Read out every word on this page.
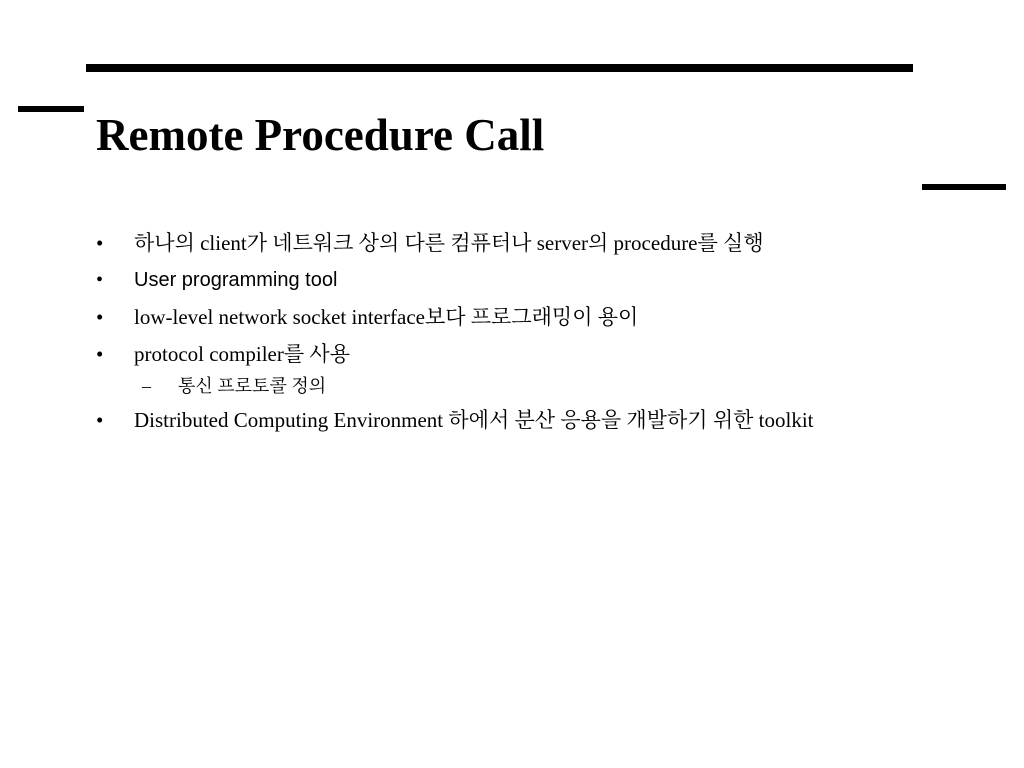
Remote Procedure Call
•	하나의 client가 네트워크 상의 다른 컴퓨터나 server의 procedure를 실행
•	User programming tool
•	low-level network socket interface보다 프로그래밍이 용이
•	protocol compiler를 사용
– 통신 프로토콜 정의
•	Distributed Computing Environment 하에서 분산 응용을 개발하기 위한 toolkit
